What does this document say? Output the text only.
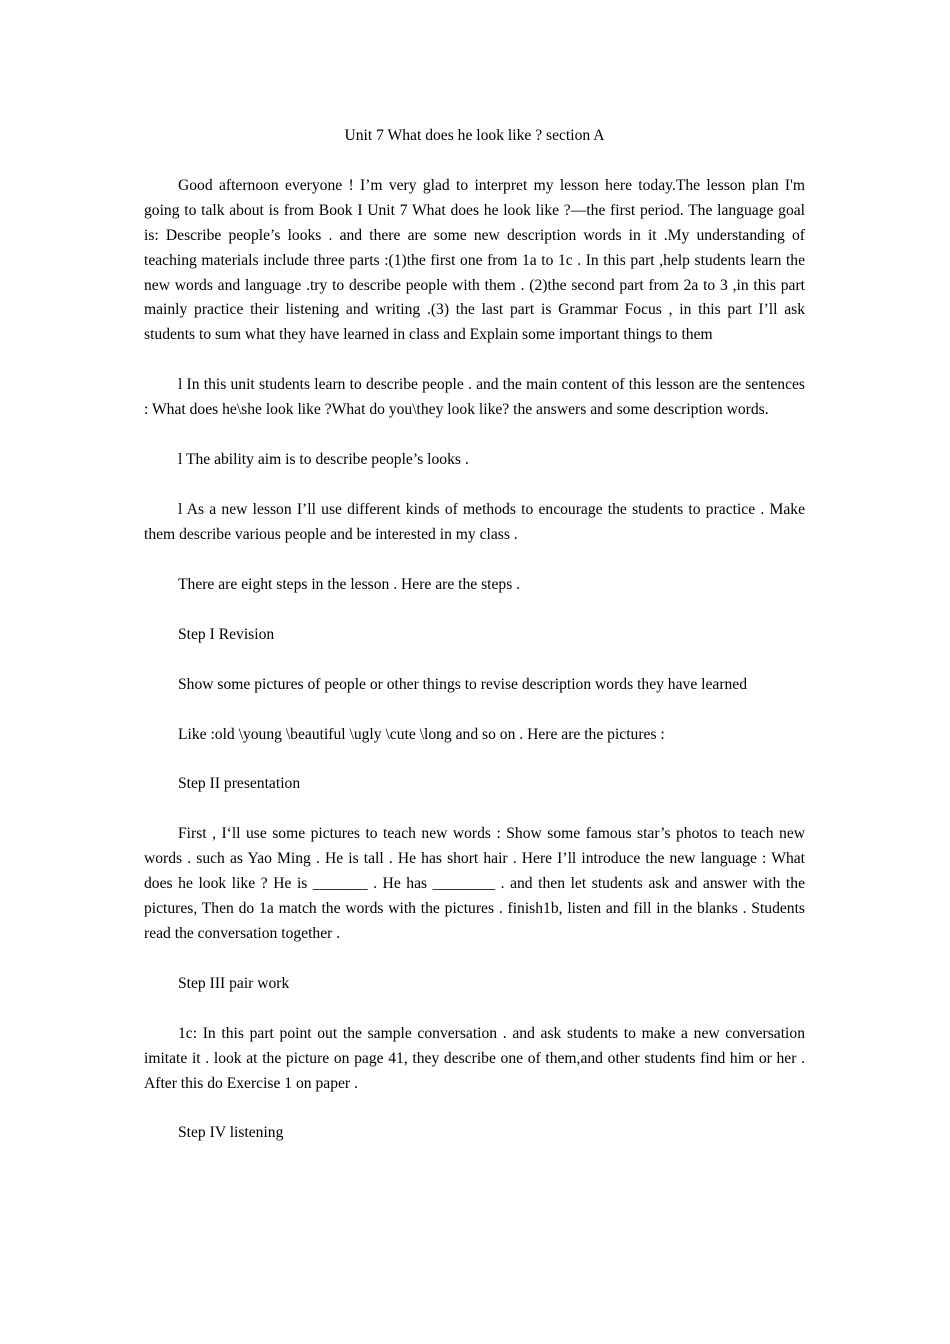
Unit 7 What does he look like ? section A

Good afternoon everyone ! I’m very glad to interpret my lesson here today.The lesson plan I'm going to talk about is from Book I Unit 7 What does he look like ?—the first period. The language goal is: Describe people’s looks . and there are some new description words in it .My understanding of teaching materials include three parts :(1)the first one from 1a to 1c . In this part ,help students learn the new words and language .try to describe people with them . (2)the second part from 2a to 3 ,in this part mainly practice their listening and writing .(3) the last part is Grammar Focus , in this part I’ll ask students to sum what they have learned in class and Explain some important things to them

l In this unit students learn to describe people . and the main content of this lesson are the sentences : What does he\she look like ?What do you\they look like? the answers and some description words.

l The ability aim is to describe people’s looks .

l As a new lesson I’ll use different kinds of methods to encourage the students to practice . Make them describe various people and be interested in my class .

There are eight steps in the lesson . Here are the steps .

Step I Revision

Show some pictures of people or other things to revise description words they have learned

Like :old \young \beautiful \ugly \cute \long and so on . Here are the pictures :

Step II presentation

First , I‘ll use some pictures to teach new words : Show some famous star’s photos to teach new words . such as Yao Ming . He is tall . He has short hair . Here I’ll introduce the new language : What does he look like ? He is _______ . He has ________ . and then let students ask and answer with the pictures, Then do 1a match the words with the pictures . finish1b, listen and fill in the blanks . Students read the conversation together .

Step III pair work

1c: In this part point out the sample conversation . and ask students to make a new conversation imitate it . look at the picture on page 41, they describe one of them,and other students find him or her . After this do Exercise 1 on paper .

Step IV listening
